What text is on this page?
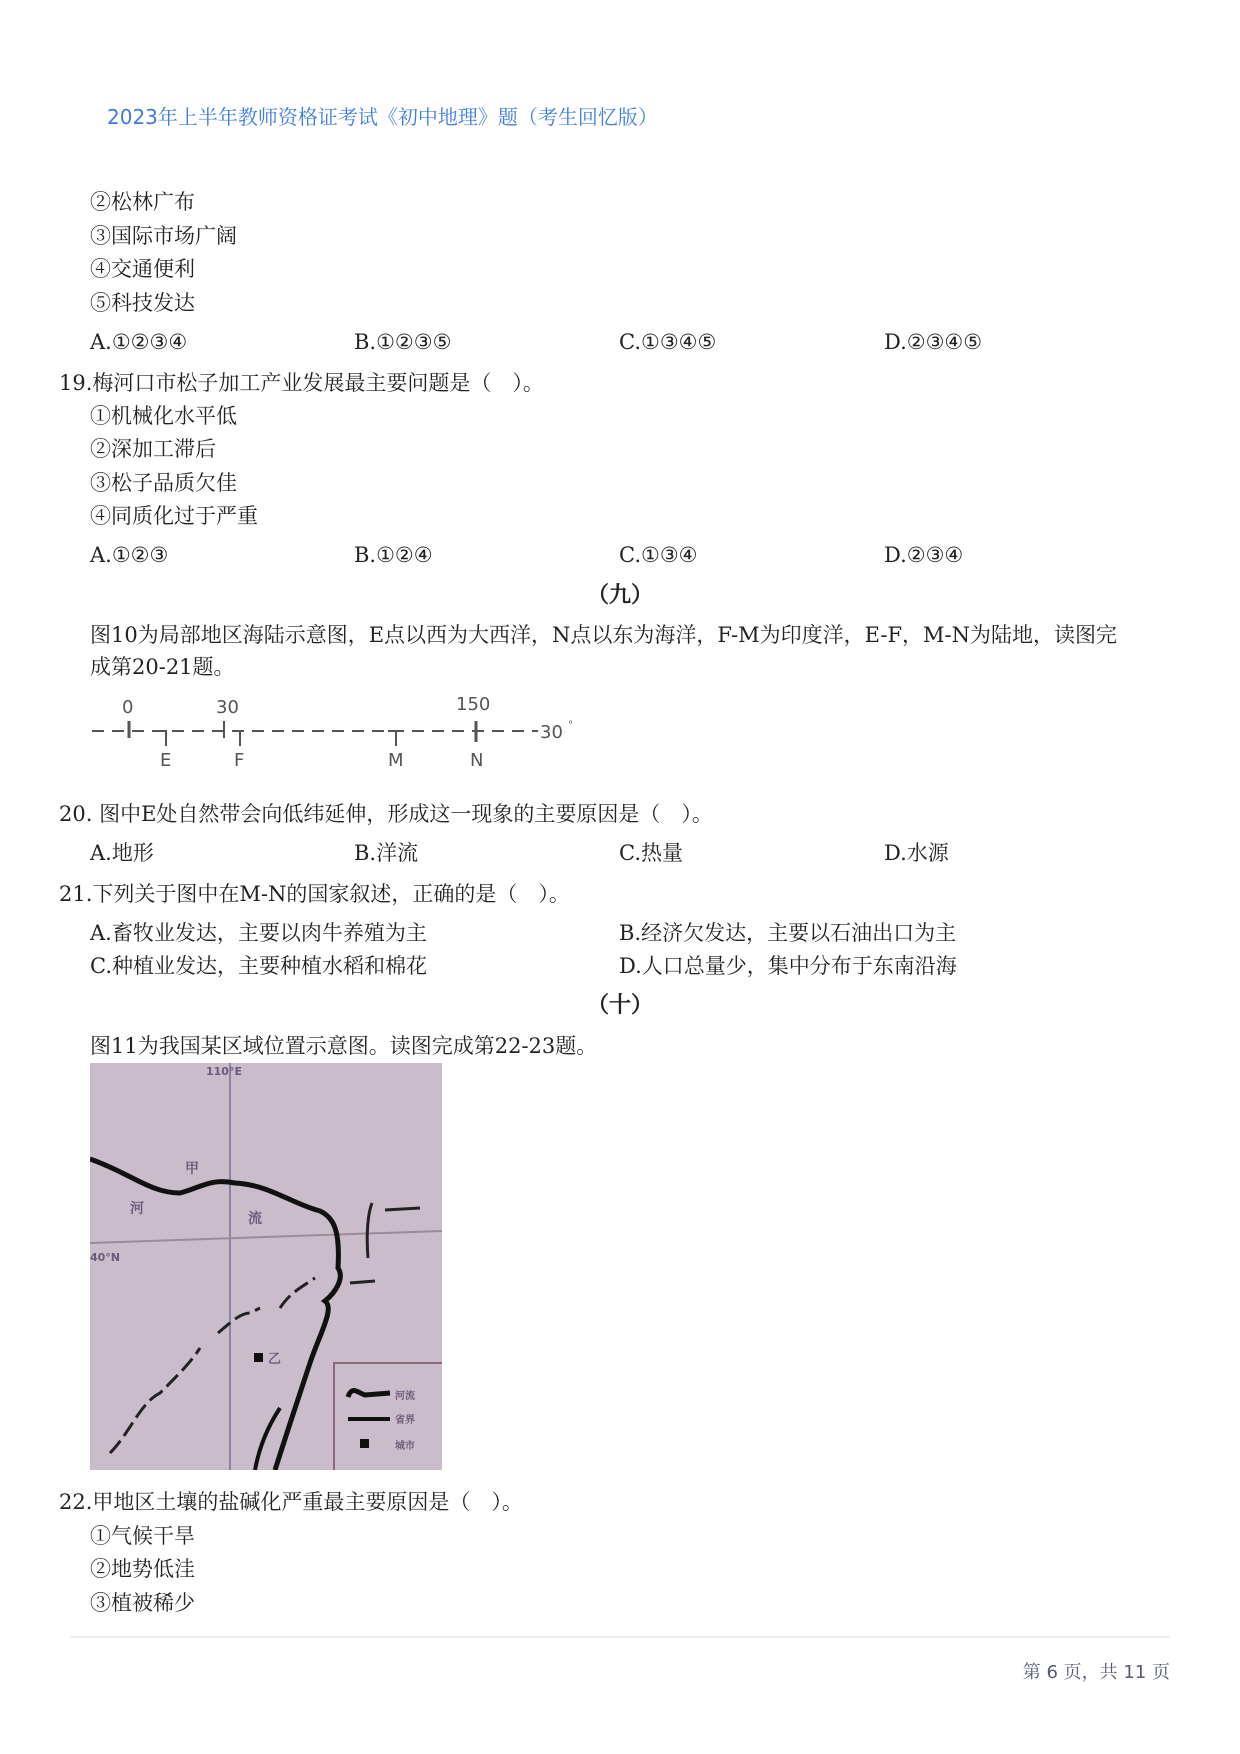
2023年上半年教师资格证考试《初中地理》题（考生回忆版）
②松林广布
③国际市场广阔
④交通便利
⑤科技发达
A.①②③④	B.①②③⑤	C.①③④⑤	D.②③④⑤
19.梅河口市松子加工产业发展最主要问题是（　）。
①机械化水平低
②深加工滞后
③松子品质欠佳
④同质化过于严重
A.①②③	B.①②④	C.①③④	D.②③④
（九）
图10为局部地区海陆示意图，E点以西为大西洋，N点以东为海洋，F-M为印度洋，E-F，M-N为陆地，读图完
成第20-21题。
0	30	150
30 °
E	F	M	N
20. 图中E处自然带会向低纬延伸，形成这一现象的主要原因是（　）。
A.地形	B.洋流	C.热量	D.水源
21.下列关于图中在M-N的国家叙述，正确的是（　）。
A.畜牧业发达，主要以肉牛养殖为主	B.经济欠发达，主要以石油出口为主
C.种植业发达，主要种植水稻和棉花	D.人口总量少，集中分布于东南沿海
（十）
图11为我国某区域位置示意图。读图完成第22-23题。
110°E
40°N
甲
河
流
乙
河流
省界
城市
22.甲地区土壤的盐碱化严重最主要原因是（　）。
①气候干旱
②地势低洼
③植被稀少
第 6 页，共 11 页
